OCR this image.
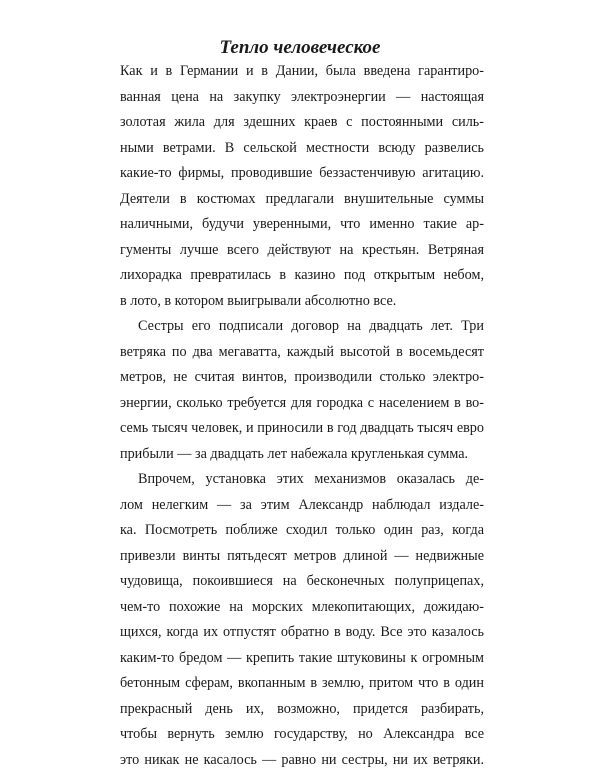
Тепло человеческое

Как и в Германии и в Дании, была введена гарантиро-
ванная цена на закупку электроэнергии — настоящая
золотая жила для здешних краев с постоянными силь-
ными ветрами. В сельской местности всюду развелись
какие-то фирмы, проводившие беззастенчивую агитацию.
Деятели в костюмах предлагали внушительные суммы
наличными, будучи уверенными, что именно такие ар-
гументы лучше всего действуют на крестьян. Ветряная
лихорадка превратилась в казино под открытым небом,
в лото, в котором выигрывали абсолютно все.

Сестры его подписали договор на двадцать лет. Три
ветряка по два мегаватта, каждый высотой в восемьдесят
метров, не считая винтов, производили столько электро-
энергии, сколько требуется для городка с населением в во-
семь тысяч человек, и приносили в год двадцать тысяч евро
прибыли — за двадцать лет набежала кругленькая сумма.

Впрочем, установка этих механизмов оказалась де-
лом нелегким — за этим Александр наблюдал издале-
ка. Посмотреть поближе сходил только один раз, когда
привезли винты пятьдесят метров длиной — недвижные
чудовища, покоившиеся на бесконечных полуприцепах,
чем-то похожие на морских млекопитающих, дожидаю-
щихся, когда их отпустят обратно в воду. Все это казалось
каким-то бредом — крепить такие штуковины к огромным
бетонным сферам, вкопанным в землю, притом что в один
прекрасный день их, возможно, придется разбирать,
чтобы вернуть землю государству, но Александра все
это никак не касалось — равно ни сестры, ни их ветряки.
